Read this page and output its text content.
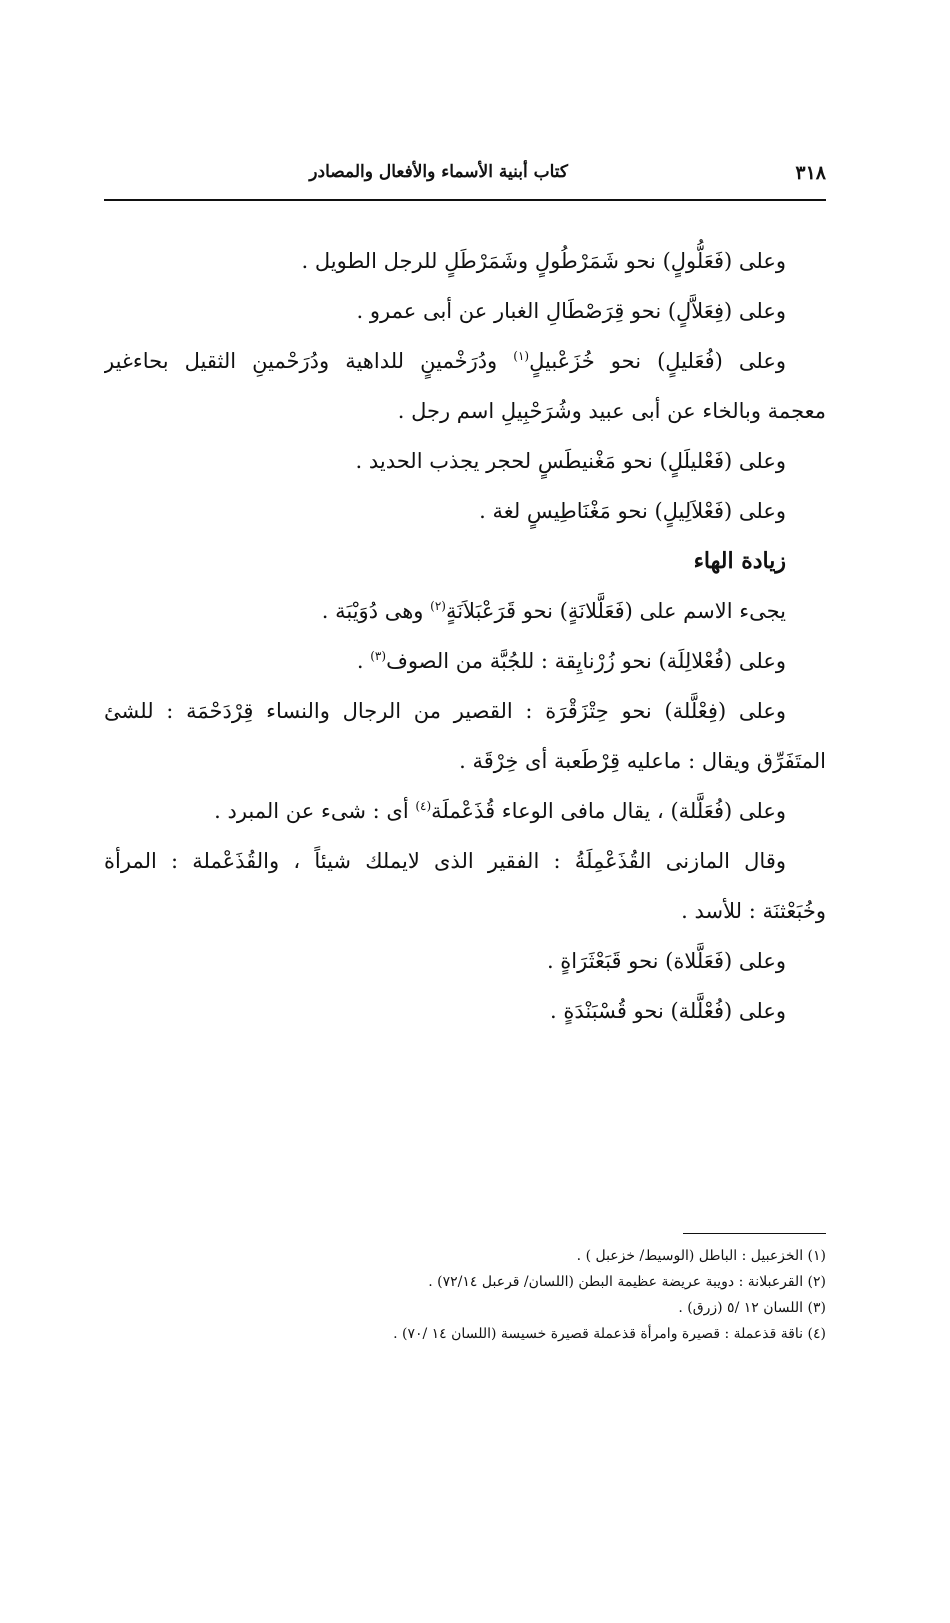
٣١٨
كتاب أبنية الأسماء والأفعال والمصادر
وعلى (فَعَلُّولٍ) نحو شَمَرْطُولٍ وشَمَرْطَلٍ للرجل الطويل .
وعلى (فِعَلاَّلٍ) نحو قِرَصْطَالِ الغبار عن أبى عمرو .
وعلى (فُعَليلٍ) نحو خُزَعْبيلٍ$^{(١)}$ ودُرَخْمينٍ للداهية ودُرَحْمينِ الثقيل بحاءغير
معجمة وبالخاء عن أبى عبيد وشُرَحْبِيلِ اسم رجل .
وعلى (فَعْليلَلٍ) نحو مَغْنيطَسٍ لحجر يجذب الحديد .
وعلى (فَعْلاَلِيلٍ) نحو مَغْنَاطِيسٍ لغة .
زيادة الهاء
يجىء الاسم على (فَعَلَّلانَةٍ) نحو قَرَعْبَلاَنَةٍ$^{(٢)}$ وهى دُوَيْبَة .
وعلى (فُعْلالِلَة) نحو زُرْنايِقة : للجُبَّة من الصوف$^{(٣)}$ .
وعلى (فِعْلَّلة) نحو حِتْزَقْرَة : القصير من الرجال والنساء قِرْدَحْمَة : للشئ
المتَفَرِّق ويقال : ماعليه قِرْطَعبة أى خِرْقَة .
وعلى (فُعَلَّلة) ، يقال مافى الوعاء قُذَعْملَة$^{(٤)}$ أى : شىء عن المبرد .
وقال المازنى القُذَعْمِلَةُ : الفقير الذى لايملك شيئاً ، والقُذَعْملة : المرأة
وخُبَعْثنَة : للأسد .
وعلى (فَعَلَّلاة) نحو قَبَعْثَرَاةٍ .
وعلى (فُعْلَّلة) نحو قُسْبَنْدَةٍ .
(١) الخزعبيل : الباطل (الوسيط/ خزعبل ) .
(٢) القرعبلانة : دويبة عريضة عظيمة البطن (اللسان/ قرعبل ٧٢/١٤) .
(٣) اللسان ١٢ /٥ (زرق) .
(٤) ناقة قذعملة : قصيرة وامرأة قذعملة قصيرة خسيسة (اللسان ١٤ /٧٠) .
